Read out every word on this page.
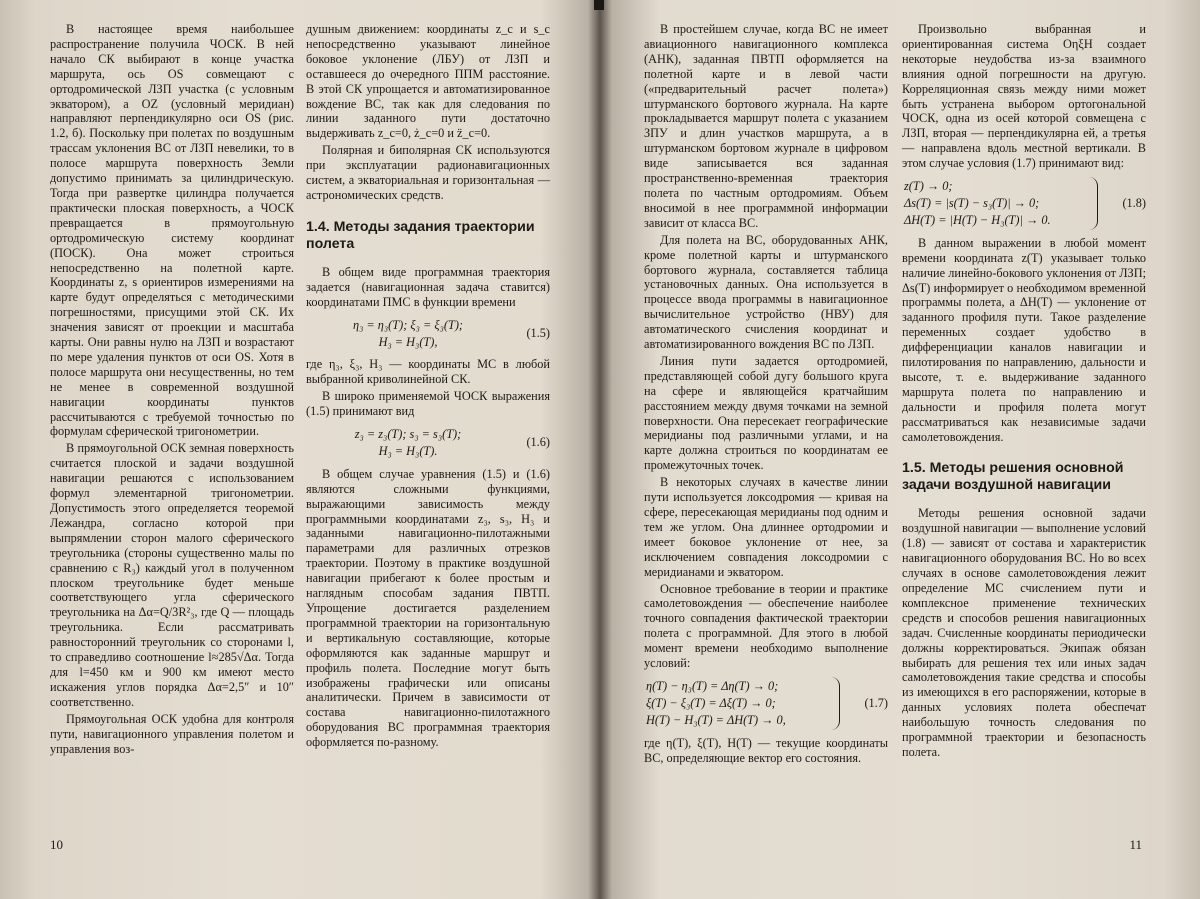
В настоящее время наибольшее распространение получила ЧОСК. В ней начало СК выбирают в конце участка маршрута, ось OS совмещают с ортодромической ЛЗП участка (с условным экватором), а OZ (условный меридиан) направляют перпендикулярно оси OS (рис. 1.2, б). Поскольку при полетах по воздушным трассам уклонения ВС от ЛЗП невелики, то в полосе маршрута поверхность Земли допустимо принимать за цилиндрическую. Тогда при развертке цилиндра получается практически плоская поверхность, а ЧОСК превращается в прямоугольную ортодромическую систему координат (ПОСК). Она может строиться непосредственно на полетной карте. Координаты z, s ориентиров измерениями на карте будут определяться с методическими погрешностями, присущими этой СК. Их значения зависят от проекции и масштаба карты. Они равны нулю на ЛЗП и возрастают по мере удаления пунктов от оси OS. Хотя в полосе маршрута они несущественны, но тем не менее в современной воздушной навигации координаты пунктов рассчитываются с требуемой точностью по формулам сферической тригонометрии.

В прямоугольной ОСК земная поверхность считается плоской и задачи воздушной навигации решаются с использованием формул элементарной тригонометрии. Допустимость этого определяется теоремой Лежандра, согласно которой при выпрямлении сторон малого сферического треугольника (стороны существенно малы по сравнению с R₃) каждый угол в полученном плоском треугольнике будет меньше соответствующего угла сферического треугольника на Δα=Q/3R²₃, где Q — площадь треугольника. Если рассматривать равносторонний треугольник со сторонами l, то справедливо соотношение l≈285√Δα. Тогда для l=450 км и 900 км имеют место искажения углов порядка Δα=2,5″ и 10″ соответственно.

Прямоугольная ОСК удобна для контроля пути, навигационного управления полетом и управления воз-

душным движением: координаты z_c и s_c непосредственно указывают линейное боковое уклонение (ЛБУ) от ЛЗП и оставшееся до очередного ППМ расстояние. В этой СК упрощается и автоматизированное вождение ВС, так как для следования по линии заданного пути достаточно выдерживать z_c=0, ż_c=0 и z̈_c=0.

Полярная и биполярная СК используются при эксплуатации радионавигационных систем, а экваториальная и горизонтальная — астрономических средств.

1.4. Методы задания траектории полета

В общем виде программная траектория задается (навигационная задача ставится) координатами ПМС в функции времени

η₃ = η₃(T); ξ₃ = ξ₃(T);
H₃ = H₃(T),
(1.5)

где η₃, ξ₃, H₃ — координаты МС в любой выбранной криволинейной СК.

В широко применяемой ЧОСК выражения (1.5) принимают вид

z₃ = z₃(T); s₃ = s₃(T);
H₃ = H₃(T).
(1.6)

В общем случае уравнения (1.5) и (1.6) являются сложными функциями, выражающими зависимость между программными координатами z₃, s₃, H₃ и заданными навигационно-пилотажными параметрами для различных отрезков траектории. Поэтому в практике воздушной навигации прибегают к более простым и наглядным способам задания ПВТП. Упрощение достигается разделением программной траектории на горизонтальную и вертикальную составляющие, которые оформляются как заданные маршрут и профиль полета. Последние могут быть изображены графически или описаны аналитически. Причем в зависимости от состава навигационно-пилотажного оборудования ВС программная траектория оформляется по-разному.

10

В простейшем случае, когда ВС не имеет авиационного навигационного комплекса (АНК), заданная ПВТП оформляется на полетной карте и в левой части («предварительный расчет полета») штурманского бортового журнала. На карте прокладывается маршрут полета с указанием ЗПУ и длин участков маршрута, а в штурманском бортовом журнале в цифровом виде записывается вся заданная пространственно-временная траектория полета по частным ортодромиям. Объем вносимой в нее программной информации зависит от класса ВС.

Для полета на ВС, оборудованных АНК, кроме полетной карты и штурманского бортового журнала, составляется таблица установочных данных. Она используется в процессе ввода программы в навигационное вычислительное устройство (НВУ) для автоматического счисления координат и автоматизированного вождения ВС по ЛЗП.

Линия пути задается ортодромией, представляющей собой дугу большого круга на сфере и являющейся кратчайшим расстоянием между двумя точками на земной поверхности. Она пересекает географические меридианы под различными углами, и на карте должна строиться по координатам ее промежуточных точек.

В некоторых случаях в качестве линии пути используется локсодромия — кривая на сфере, пересекающая меридианы под одним и тем же углом. Она длиннее ортодромии и имеет боковое уклонение от нее, за исключением совпадения локсодромии с меридианами и экватором.

Основное требование в теории и практике самолетовождения — обеспечение наиболее точного совпадения фактической траектории полета с программной. Для этого в любой момент времени необходимо выполнение условий:

η(T) − η₃(T) = Δη(T) → 0;
ξ(T) − ξ₃(T) = Δξ(T) → 0;
H(T) − H₃(T) = ΔH(T) → 0,
(1.7)

где η(T), ξ(T), H(T) — текущие координаты ВС, определяющие вектор его состояния.

Произвольно выбранная и ориентированная система OηξH создает некоторые неудобства из-за взаимного влияния одной погрешности на другую. Корреляционная связь между ними может быть устранена выбором ортогональной ЧОСК, одна из осей которой совмещена с ЛЗП, вторая — перпендикулярна ей, а третья — направлена вдоль местной вертикали. В этом случае условия (1.7) принимают вид:

z(T) → 0;
Δs(T) = |s(T) − s₃(T)| → 0;
ΔH(T) = |H(T) − H₃(T)| → 0.
(1.8)

В данном выражении в любой момент времени координата z(T) указывает только наличие линейно-бокового уклонения от ЛЗП; Δs(T) информирует о необходимом временной программы полета, а ΔH(T) — уклонение от заданного профиля пути. Такое разделение переменных создает удобство в дифференциации каналов навигации и пилотирования по направлению, дальности и высоте, т. е. выдерживание заданного маршрута полета по направлению и дальности и профиля полета могут рассматриваться как независимые задачи самолетовождения.

1.5. Методы решения основной задачи воздушной навигации

Методы решения основной задачи воздушной навигации — выполнение условий (1.8) — зависят от состава и характеристик навигационного оборудования ВС. Но во всех случаях в основе самолетовождения лежит определение МС счислением пути и комплексное применение технических средств и способов решения навигационных задач. Счисленные координаты периодически должны корректироваться. Экипаж обязан выбирать для решения тех или иных задач самолетовождения такие средства и способы из имеющихся в его распоряжении, которые в данных условиях полета обеспечат наибольшую точность следования по программной траектории и безопасность полета.

11
